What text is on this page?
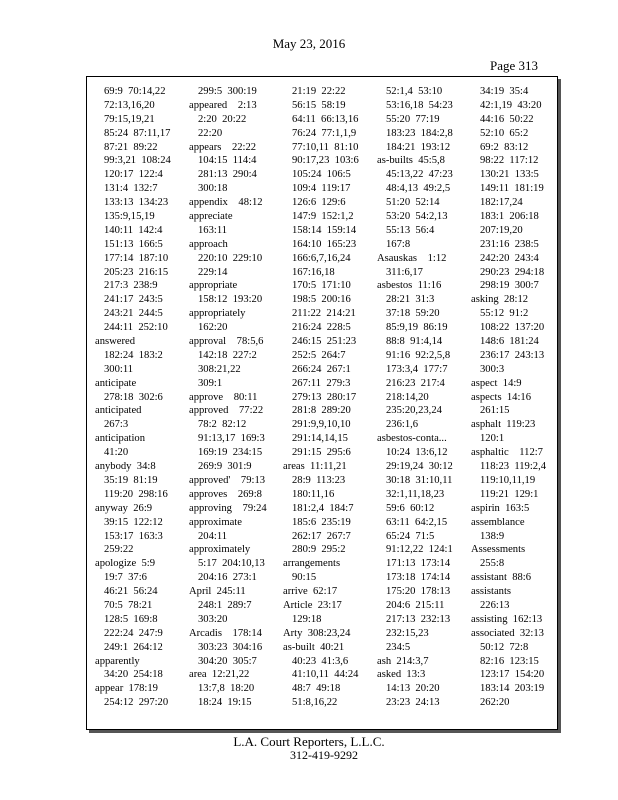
May 23, 2016
Page 313
69:9  70:14,22
72:13,16,20
79:15,19,21
85:24  87:11,17
87:21  89:22
99:3,21  108:24
120:17  122:4
131:4  132:7
133:13  134:23
135:9,15,19
140:11  142:4
151:13  166:5
177:14  187:10
205:23  216:15
217:3  238:9
241:17  243:5
243:21  244:5
244:11  252:10
answered
182:24  183:2
300:11
anticipate
278:18  302:6
anticipated
267:3
anticipation
41:20
anybody  34:8
35:19  81:19
119:20  298:16
anyway  26:9
39:15  122:12
153:17  163:3
259:22
apologize  5:9
19:7  37:6
46:21  56:24
70:5  78:21
128:5  169:8
222:24  247:9
249:1  264:12
apparently
34:20  254:18
appear  178:19
254:12  297:20
299:5  300:19
appeared    2:13
2:20  20:22
22:20
appears    22:22
104:15  114:4
281:13  290:4
300:18
appendix    48:12
appreciate
163:11
approach
220:10  229:10
229:14
appropriate
158:12  193:20
appropriately
162:20
approval    78:5,6
142:18  227:2
308:21,22
309:1
approve    80:11
approved    77:22
78:2  82:12
91:13,17  169:3
169:19  234:15
269:9  301:9
approved'    79:13
approves    269:8
approving    79:24
approximate
204:11
approximately
5:17  204:10,13
204:16  273:1
April  245:11
248:1  289:7
303:20
Arcadis    178:14
303:23  304:16
304:20  305:7
area  12:21,22
13:7,8  18:20
18:24  19:15
21:19  22:22
56:15  58:19
64:11  66:13,16
76:24  77:1,1,9
77:10,11  81:10
90:17,23  103:6
105:24  106:5
109:4  119:17
126:6  129:6
147:9  152:1,2
158:14  159:14
164:10  165:23
166:6,7,16,24
167:16,18
170:5  171:10
198:5  200:16
211:22  214:21
216:24  228:5
246:15  251:23
252:5  264:7
266:24  267:1
267:11  279:3
279:13  280:17
281:8  289:20
291:9,9,10,10
291:14,14,15
291:15  295:6
areas  11:11,21
28:9  113:23
180:11,16
181:2,4  184:7
185:6  235:19
262:17  267:7
280:9  295:2
arrangements
90:15
arrive  62:17
Article  23:17
129:18
Arty  308:23,24
as-built  40:21
40:23  41:3,6
41:10,11  44:24
48:7  49:18
51:8,16,22
52:1,4  53:10
53:16,18  54:23
55:20  77:19
183:23  184:2,8
184:21  193:12
as-builts  45:5,8
45:13,22  47:23
48:4,13  49:2,5
51:20  52:14
53:20  54:2,13
55:13  56:4
167:8
Asauskas    1:12
311:6,17
asbestos  11:16
28:21  31:3
37:18  59:20
85:9,19  86:19
88:8  91:4,14
91:16  92:2,5,8
173:3,4  177:7
216:23  217:4
218:14,20
235:20,23,24
236:1,6
asbestos-conta...
10:24  13:6,12
29:19,24  30:12
30:18  31:10,11
32:1,11,18,23
59:6  60:12
63:11  64:2,15
65:24  71:5
91:12,22  124:1
171:13  173:14
173:18  174:14
175:20  178:13
204:6  215:11
217:13  232:13
232:15,23
234:5
ash  214:3,7
asked  13:3
14:13  20:20
23:23  24:13
34:19  35:4
42:1,19  43:20
44:16  50:22
52:10  65:2
69:2  83:12
98:22  117:12
130:21  133:5
149:11  181:19
182:17,24
183:1  206:18
207:19,20
231:16  238:5
242:20  243:4
290:23  294:18
298:19  300:7
asking  28:12
55:12  91:2
108:22  137:20
148:6  181:24
236:17  243:13
300:3
aspect  14:9
aspects  14:16
261:15
asphalt  119:23
120:1
asphaltic    112:7
118:23  119:2,4
119:10,11,19
119:21  129:1
aspirin  163:5
assemblance
138:9
Assessments
255:8
assistant  88:6
assistants
226:13
assisting  162:13
associated  32:13
50:12  72:8
82:16  123:15
123:17  154:20
183:14  203:19
262:20
L.A. Court Reporters, L.L.C.
312-419-9292
